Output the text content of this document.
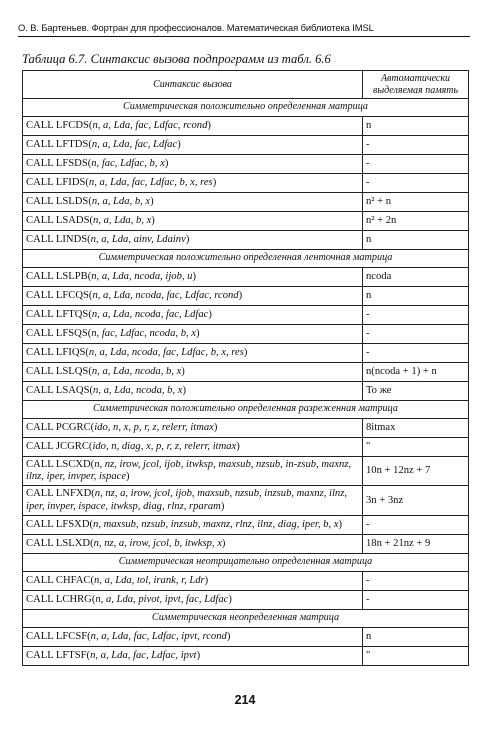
О. В. Бартеньев. Фортран для профессионалов. Математическая библиотека IMSL
Таблица 6.7. Синтаксис вызова подпрограмм из табл. 6.6
Синтаксис вызова	Автоматически выделяемая память
Симметрическая положительно определенная матрица	
CALL LFCDS(n, a, Lda, fac, Ldfac, rcond)	n
CALL LFTDS(n, a, Lda, fac, Ldfac)	-
CALL LFSDS(n, fac, Ldfac, b, x)	-
CALL LFIDS(n, a, Lda, fac, Ldfac, b, x, res)	-
CALL LSLDS(n, a, Lda, b, x)	n² + n
CALL LSADS(n, a, Lda, b, x)	n² + 2n
CALL LINDS(n, a, Lda, ainv, Ldainv)	n
Симметрическая положительно определенная ленточная матрица	
CALL LSLPB(n, a, Lda, ncoda, ijob, u)	ncoda
CALL LFCQS(n, a, Lda, ncoda, fac, Ldfac, rcond)	n
CALL LFTQS(n, a, Lda, ncoda, fac, Ldfac)	-
CALL LFSQS(n, fac, Ldfac, ncoda, b, x)	-
CALL LFIQS(n, a, Lda, ncoda, fac, Ldfac, b, x, res)	-
CALL LSLQS(n, a, Lda, ncoda, b, x)	n(ncoda + 1) + n
CALL LSAQS(n, a, Lda, ncoda, b, x)	То же
Симметрическая положительно определенная разреженная матрица	
CALL PCGRC(ido, n, x, p, r, z, relerr, itmax)	8itmax
CALL JCGRC(ido, n, diag, x, p, r, z, relerr, itmax)	"
CALL LSCXD(n, nz, irow, jcol, ijob, itwksp, maxsub, nzsub, in-zsub, maxnz, ilnz, iper, invper, ispace)	10n + 12nz + 7
CALL LNFXD(n, nz, a, irow, jcol, ijob, maxsub, nzsub, inzsub, maxnz, ilnz, iper, invper, ispace, itwksp, diag, rlnz, rparam)	3n + 3nz
CALL LFSXD(n, maxsub, nzsub, inzsub, maxnz, rlnz, ilnz, diag, iper, b, x)	-
CALL LSLXD(n, nz, a, irow, jcol, b, itwksp, x)	18n + 21nz + 9
Симметрическая неотрицательно определенная матрица	
CALL CHFAC(n, a, Lda, tol, irank, r, Ldr)	-
CALL LCHRG(n, a, Lda, pivot, ipvt, fac, Ldfac)	-
Симметрическая неопределенная матрица	
CALL LFCSF(n, a, Lda, fac, Ldfac, ipvt, rcond)	n
CALL LFTSF(n, a, Lda, fac, Ldfac, ipvt)	"
214
